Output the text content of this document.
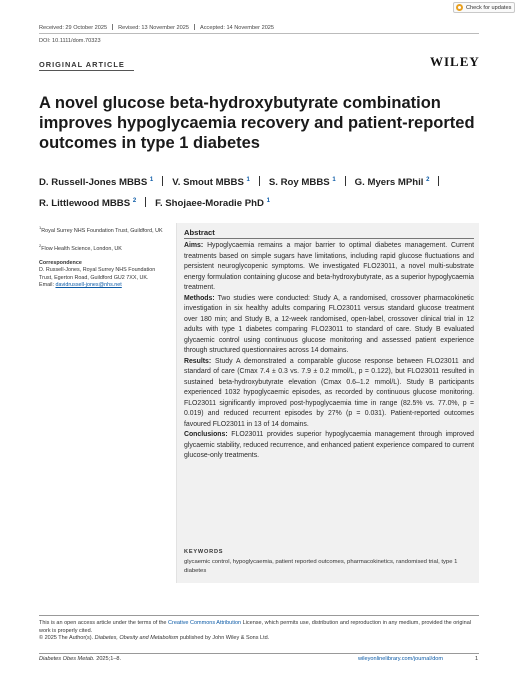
Check for updates
Received: 29 October 2025 Revised: 13 November 2025 Accepted: 14 November 2025
DOI: 10.1111/dom.70323
ORIGINAL ARTICLE	WILEY
A novel glucose beta-hydroxybutyrate combination improves hypoglycaemia recovery and patient-reported outcomes in type 1 diabetes
D. Russell-Jones MBBS $^1$ V. Smout MBBS $^1$ S. Roy MBBS $^1$ G. Myers MPhil $^2$
R. Littlewood MBBS $^2$ F. Shojaee-Moradie PhD $^1$

$^1$Royal Surrey NHS Foundation Trust, Guildford, UK

$^2$Flow Health Science, London, UK

Correspondence

D. Russell-Jones, Royal Surrey NHS Foundation Trust, Egerton Road, Guildford GU2 7XX, UK.
Email: davidrussell-jones@nhs.net

Abstract

Aims: Hypoglycaemia remains a major barrier to optimal diabetes management. Current treatments based on simple sugars have limitations, including rapid glucose fluctuations and persistent neuroglycopenic symptoms. We investigated FLO23011, a novel multi-substrate energy formulation containing glucose and beta-hydroxybutyrate, as a superior hypoglycaemia treatment.

Methods: Two studies were conducted: Study A, a randomised, crossover pharmacokinetic investigation in six healthy adults comparing FLO23011 versus standard glucose treatment over 180 min; and Study B, a 12-week randomised, open-label, crossover clinical trial in 12 adults with type 1 diabetes comparing FLO23011 to standard of care. Study B evaluated glycaemic control using continuous glucose monitoring and assessed patient experience through structured questionnaires across 14 domains.

Results: Study A demonstrated a comparable glucose response between FLO23011 and standard of care (Cmax 7.4 ± 0.3 vs. 7.9 ± 0.2 mmol/L, p = 0.122), but FLO23011 resulted in sustained beta-hydroxybutyrate elevation (Cmax 0.6–1.2 mmol/L). Study B participants experienced 1032 hypoglycaemic episodes, as recorded by continuous glucose monitoring. FLO23011 significantly improved post-hypoglycaemia time in range (82.5% vs. 77.0%, p = 0.019) and reduced recurrent episodes by 27% (p = 0.031). Patient-reported outcomes favoured FLO23011 in 13 of 14 domains.

Conclusions: FLO23011 provides superior hypoglycaemia management through improved glycaemic stability, reduced recurrence, and enhanced patient experience compared to current glucose-only treatments.

KEYWORDS
glycaemic control, hypoglycaemia, patient reported outcomes, pharmacokinetics, randomised trial, type 1 diabetes

This is an open access article under the terms of the Creative Commons Attribution License, which permits use, distribution and reproduction in any medium, provided the original work is properly cited.

© 2025 The Author(s). Diabetes, Obesity and Metabolism published by John Wiley & Sons Ltd.

Diabetes Obes Metab. 2025;1–8.	wileyonlinelibrary.com/journal/dom	1
